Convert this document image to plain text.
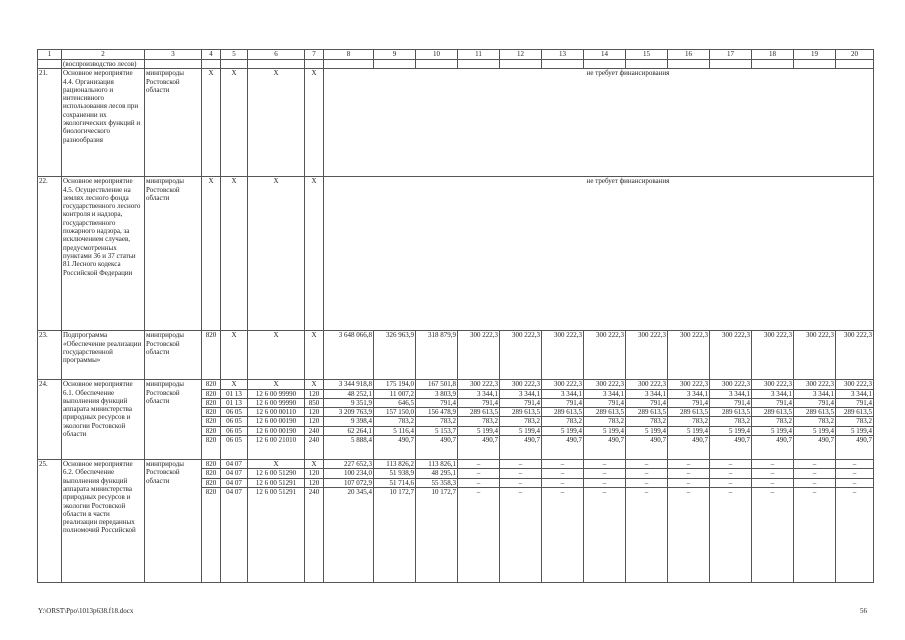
1	2	3	4	5	6	7	8	9	10	11	12	13	14	15	16	17	18	19	20
	(воспроизводство лесов)																		
21.	Основное мероприятие 4.4. Организация рационального и интенсивного использования лесов при сохранении их экологических функций и биологического разнообразия	минприроды Ростовской области	Х	Х	Х	Х	не требует финансирования												
22.	Основное мероприятие 4.5. Осуществление на землях лесного фонда государственного лесного контроля и надзора, государственного пожарного надзора, за исключением случаев, предусмотренных пунктами 36 и 37 статьи 81 Лесного кодекса Российской Федерации	минприроды Ростовской области	Х	Х	Х	Х	не требует финансирования												
23.	Подпрограмма «Обеспечение реализации государственной программы»	минприроды Ростовской области	820	Х	Х	Х	3 648 066,8	326 963,9	318 879,9	300 222,3	300 222,3	300 222,3	300 222,3	300 222,3	300 222,3	300 222,3	300 222,3	300 222,3	300 222,3
24.	Основное мероприятие 6.1. Обеспечение выполнения функций аппарата министерства природных ресурсов и экологии Ростовской области	минприроды Ростовской области	820	Х	Х	Х	3 344 918,8	175 194,0	167 501,8	300 222,3	300 222,3	300 222,3	300 222,3	300 222,3	300 222,3	300 222,3	300 222,3	300 222,3	300 222,3
			820	01 13	12 6 00 99990	120	48 252,1	11 007,2	3 803,9	3 344,1	3 344,1	3 344,1	3 344,1	3 344,1	3 344,1	3 344,1	3 344,1	3 344,1	3 344,1
			820	01 13	12 6 00 99990	850	9 351,9	646,5	791,4	791,4	791,4	791,4	791,4	791,4	791,4	791,4	791,4	791,4	791,4
			820	06 05	12 6 00 00110	120	3 209 763,9	157 150,0	156 478,9	289 613,5	289 613,5	289 613,5	289 613,5	289 613,5	289 613,5	289 613,5	289 613,5	289 613,5	289 613,5
			820	06 05	12 6 00 00190	120	9 398,4	783,2	783,2	783,2	783,2	783,2	783,2	783,2	783,2	783,2	783,2	783,2	783,2
			820	06 05	12 6 00 00190	240	62 264,1	5 116,4	5 153,7	5 199,4	5 199,4	5 199,4	5 199,4	5 199,4	5 199,4	5 199,4	5 199,4	5 199,4	5 199,4
			820	06 05	12 6 00 21010	240	5 888,4	490,7	490,7	490,7	490,7	490,7	490,7	490,7	490,7	490,7	490,7	490,7	490,7
25.	Основное мероприятие 6.2. Обеспечение выполнения функций аппарата министерства природных ресурсов и экологии Ростовской области в части реализации переданных полномочий Российской	минприроды Ростовской области	820	04 07	Х	Х	227 652,3	113 826,2	113 826,1	–	–	–	–	–	–	–	–	–	–
			820	04 07	12 6 00 51290	120	100 234,0	51 938,9	48 295,1	–	–	–	–	–	–	–	–	–	–
			820	04 07	12 6 00 51291	120	107 072,9	51 714,6	55 358,3	–	–	–	–	–	–	–	–	–	–
			820	04 07	12 6 00 51291	240	20 345,4	10 172,7	10 172,7	–	–	–	–	–	–	–	–	–	–
Y:\ORST\Ppo\1013p638.f18.docx	56
